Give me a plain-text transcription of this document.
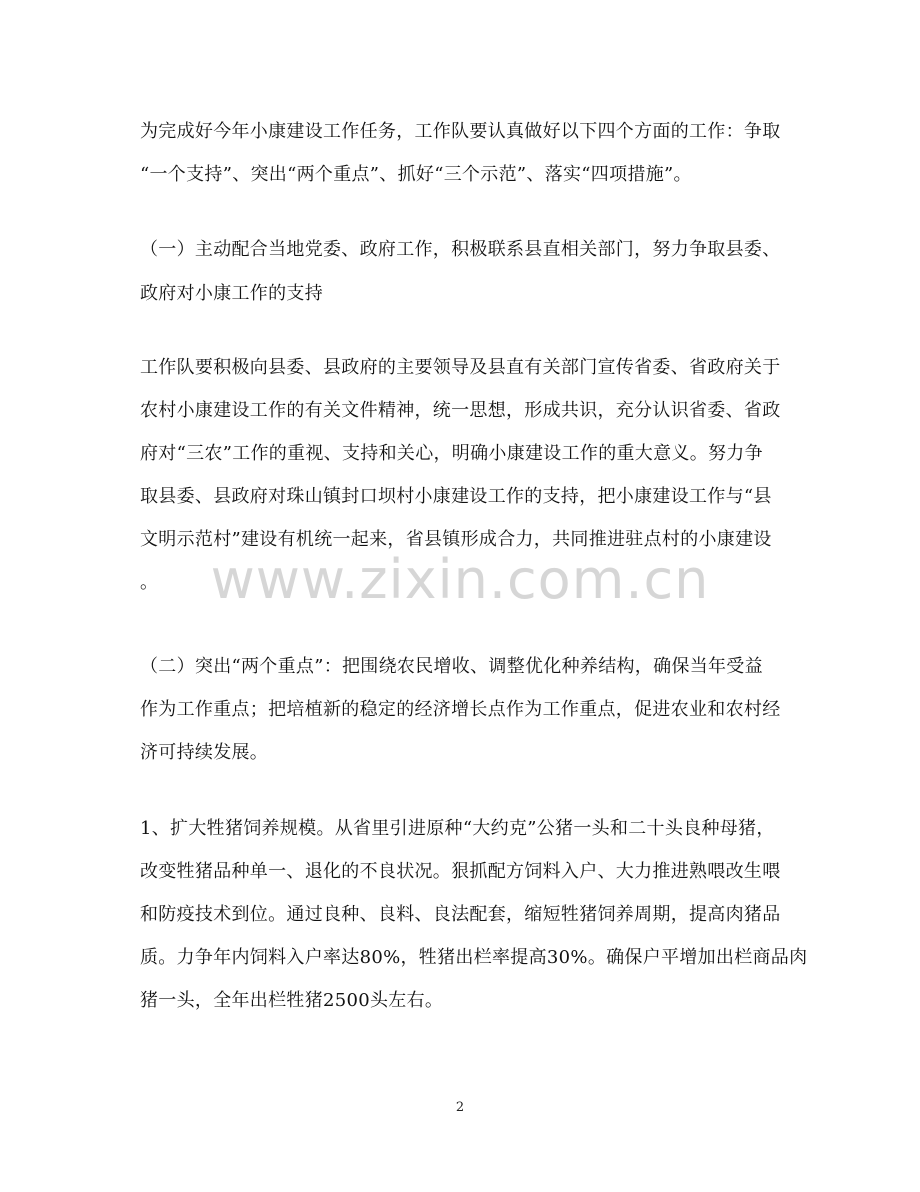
为完成好今年小康建设工作任务，工作队要认真做好以下四个方面的工作：争取
“一个支持”、突出“两个重点”、抓好“三个示范”、落实“四项措施”。
（一）主动配合当地党委、政府工作，积极联系县直相关部门，努力争取县委、
政府对小康工作的支持
工作队要积极向县委、县政府的主要领导及县直有关部门宣传省委、省政府关于
农村小康建设工作的有关文件精神，统一思想，形成共识，充分认识省委、省政
府对“三农”工作的重视、支持和关心，明确小康建设工作的重大意义。努力争
取县委、县政府对珠山镇封口坝村小康建设工作的支持，把小康建设工作与“县
文明示范村”建设有机统一起来，省县镇形成合力，共同推进驻点村的小康建设
。
（二）突出“两个重点”：把围绕农民增收、调整优化种养结构，确保当年受益
作为工作重点；把培植新的稳定的经济增长点作为工作重点，促进农业和农村经
济可持续发展。
1、扩大牲猪饲养规模。从省里引进原种“大约克”公猪一头和二十头良种母猪，
改变牲猪品种单一、退化的不良状况。狠抓配方饲料入户、大力推进熟喂改生喂
和防疫技术到位。通过良种、良料、良法配套，缩短牲猪饲养周期，提高肉猪品
质。力争年内饲料入户率达80%，牲猪出栏率提高30%。确保户平增加出栏商品肉
猪一头，全年出栏牲猪2500头左右。
www.zixin.com.cn
2
